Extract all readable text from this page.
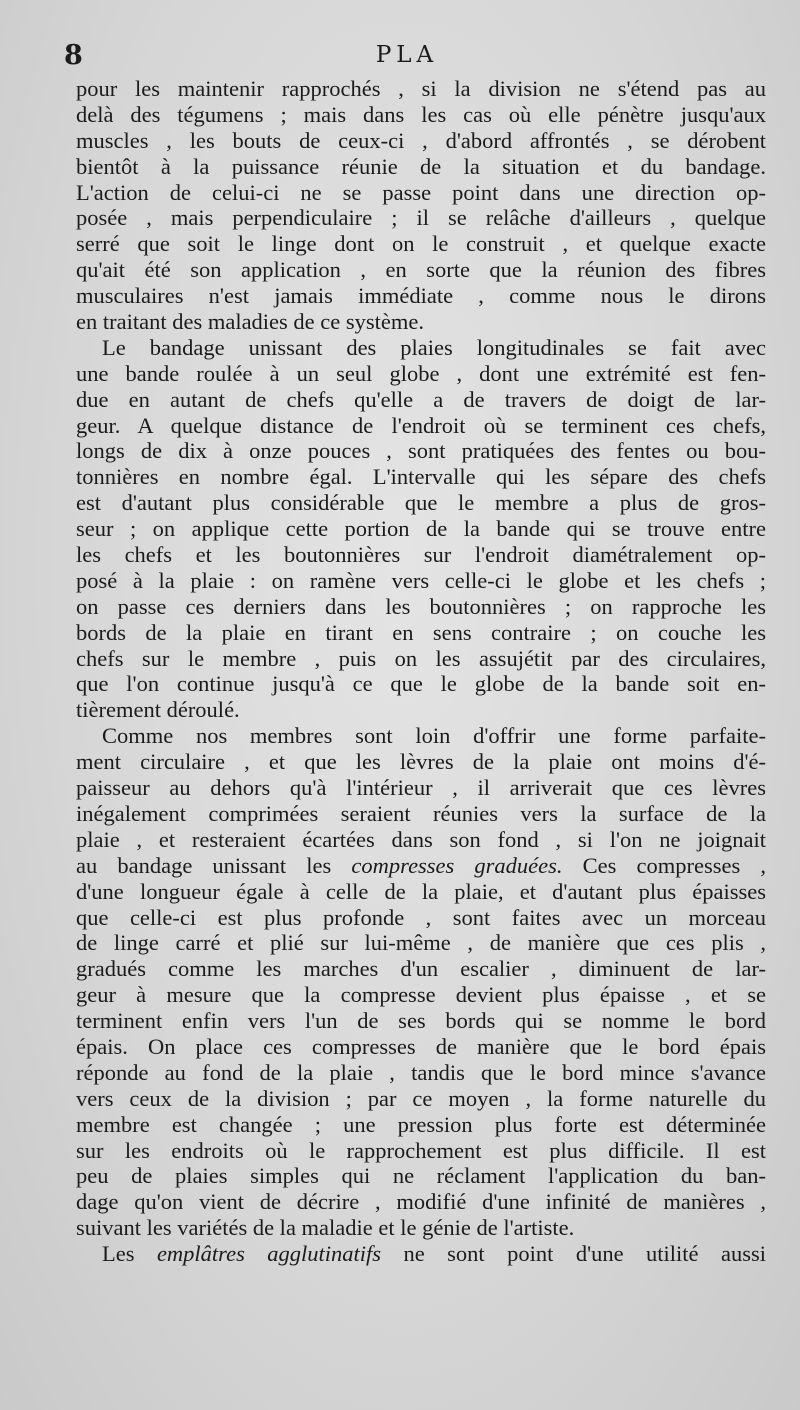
8	PLA
pour les maintenir rapprochés , si la division ne s'étend pas au
delà des tégumens ; mais dans les cas où elle pénètre jusqu'aux
muscles , les bouts de ceux-ci , d'abord affrontés , se dérobent
bientôt à la puissance réunie de la situation et du bandage.
L'action de celui-ci ne se passe point dans une direction op-
posée , mais perpendiculaire ; il se relâche d'ailleurs , quelque
serré que soit le linge dont on le construit , et quelque exacte
qu'ait été son application , en sorte que la réunion des fibres
musculaires n'est jamais immédiate , comme nous le dirons
en traitant des maladies de ce système.
Le bandage unissant des plaies longitudinales se fait avec
une bande roulée à un seul globe , dont une extrémité est fen-
due en autant de chefs qu'elle a de travers de doigt de lar-
geur. A quelque distance de l'endroit où se terminent ces chefs,
longs de dix à onze pouces , sont pratiquées des fentes ou bou-
tonnières en nombre égal. L'intervalle qui les sépare des chefs
est d'autant plus considérable que le membre a plus de gros-
seur ; on applique cette portion de la bande qui se trouve entre
les chefs et les boutonnières sur l'endroit diamétralement op-
posé à la plaie : on ramène vers celle-ci le globe et les chefs ;
on passe ces derniers dans les boutonnières ; on rapproche les
bords de la plaie en tirant en sens contraire ; on couche les
chefs sur le membre , puis on les assujétit par des circulaires,
que l'on continue jusqu'à ce que le globe de la bande soit en-
tièrement déroulé.
Comme nos membres sont loin d'offrir une forme parfaite-
ment circulaire , et que les lèvres de la plaie ont moins d'é-
paisseur au dehors qu'à l'intérieur , il arriverait que ces lèvres
inégalement comprimées seraient réunies vers la surface de la
plaie , et resteraient écartées dans son fond , si l'on ne joignait
au bandage unissant les compresses graduées. Ces compresses ,
d'une longueur égale à celle de la plaie, et d'autant plus épaisses
que celle-ci est plus profonde , sont faites avec un morceau
de linge carré et plié sur lui-même , de manière que ces plis ,
gradués comme les marches d'un escalier , diminuent de lar-
geur à mesure que la compresse devient plus épaisse , et se
terminent enfin vers l'un de ses bords qui se nomme le bord
épais. On place ces compresses de manière que le bord épais
réponde au fond de la plaie , tandis que le bord mince s'avance
vers ceux de la division ; par ce moyen , la forme naturelle du
membre est changée ; une pression plus forte est déterminée
sur les endroits où le rapprochement est plus difficile. Il est
peu de plaies simples qui ne réclament l'application du ban-
dage qu'on vient de décrire , modifié d'une infinité de manières ,
suivant les variétés de la maladie et le génie de l'artiste.
Les emplâtres agglutinatifs ne sont point d'une utilité aussi
